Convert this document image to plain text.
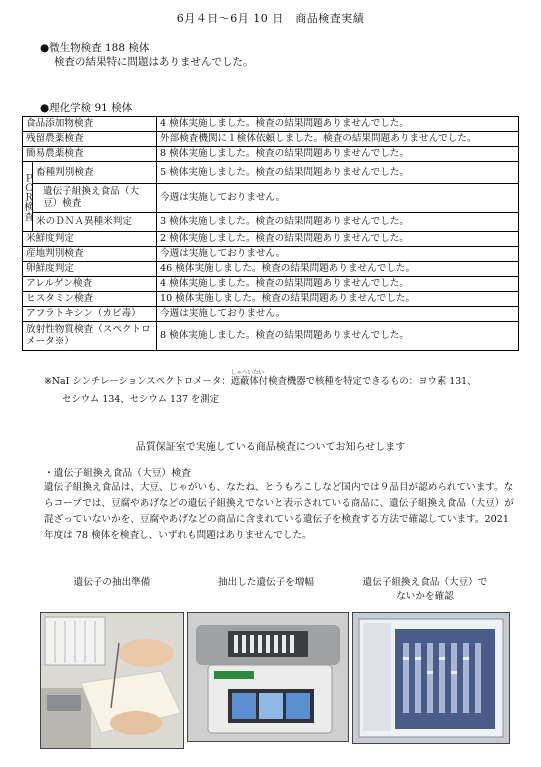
6月４日～6月 10 日　商品検査実績
●微生物検査 188 検体
検査の結果特に問題はありませんでした。
●理化学検 91 検体
食品添加物検査		4 検体実施しました。検査の結果問題ありませんでした。
残留農薬検査		外部検査機関に１検体依頼しました。検査の結果問題ありませんでした。
簡易農薬検査		8 検体実施しました。検査の結果問題ありませんでした。
ＰＣＲ検査	畜種判別検査	5 検体実施しました。検査の結果問題ありませんでした。
	遺伝子組換え食品（大豆）検査	今週は実施しておりません。
	米のＤＮＡ異種米判定	3 検体実施しました。検査の結果問題ありませんでした。
米鮮度判定		2 検体実施しました。検査の結果問題ありませんでした。
産地判別検査		今週は実施しておりません。
卵鮮度判定		46 検体実施しました。検査の結果問題ありませんでした。
アレルゲン検査		4 検体実施しました。検査の結果問題ありませんでした。
ヒスタミン検査		10 検体実施しました。検査の結果問題ありませんでした。
アフラトキシン（カビ毒）		今週は実施しておりません。
放射性物質検査（スペクトロメータ※）		8 検体実施しました。検査の結果問題ありませんでした。
しゃへいたい
※NaI シンチレーションスペクトロメータ：遮蔽体付検査機器で核種を特定できるもの：ヨウ素 131、
セシウム 134、セシウム 137 を測定
品質保証室で実施している商品検査についてお知らせします
・遺伝子組換え食品（大豆）検査
遺伝子組換え食品は、大豆、じゃがいも、なたね、とうもろこしなど国内では９品目が認められています。ならコープでは、豆腐やあげなどの遺伝子組換えでないと表示されている商品に、遺伝子組換え食品（大豆）が混ざっていないかを、豆腐やあげなどの商品に含まれている遺伝子を検査する方法で確認しています。2021 年度は 78 検体を検査し、いずれも問題はありませんでした。
遺伝子の抽出準備	抽出した遺伝子を増幅	遺伝子組換え食品（大豆）でないかを確認
